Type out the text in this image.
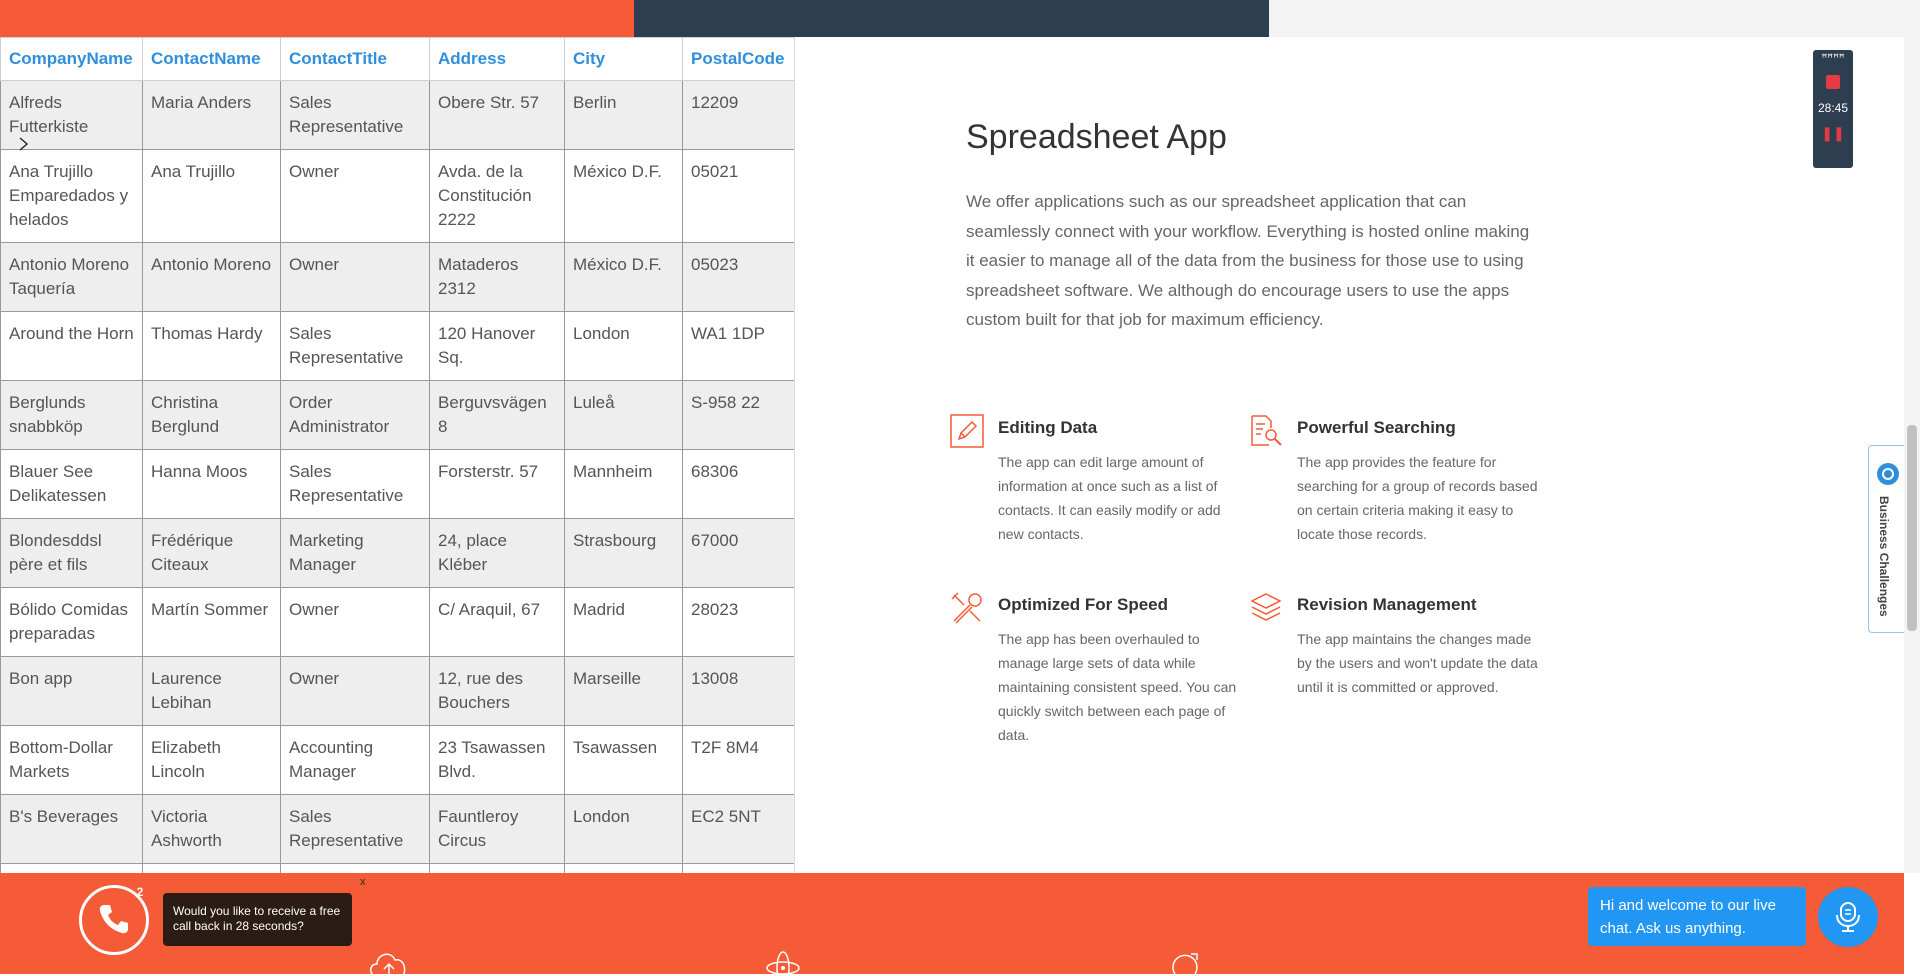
CompanyName	ContactName	ContactTitle	Address	City	PostalCode
Alfreds Futterkiste	Maria Anders	Sales Representative	Obere Str. 57	Berlin	12209
Ana Trujillo Emparedados y helados	Ana Trujillo	Owner	Avda. de la Constitución 2222	México D.F.	05021
Antonio Moreno Taquería	Antonio Moreno	Owner	Mataderos 2312	México D.F.	05023
Around the Horn	Thomas Hardy	Sales Representative	120 Hanover Sq.	London	WA1 1DP
Berglunds snabbköp	Christina Berglund	Order Administrator	Berguvsvägen 8	Luleå	S-958 22
Blauer See Delikatessen	Hanna Moos	Sales Representative	Forsterstr. 57	Mannheim	68306
Blondesddsl père et fils	Frédérique Citeaux	Marketing Manager	24, place Kléber	Strasbourg	67000
Bólido Comidas preparadas	Martín Sommer	Owner	C/ Araquil, 67	Madrid	28023
Bon app	Laurence Lebihan	Owner	12, rue des Bouchers	Marseille	13008
Bottom-Dollar Markets	Elizabeth Lincoln	Accounting Manager	23 Tsawassen Blvd.	Tsawassen	T2F 8M4
B's Beverages	Victoria Ashworth	Sales Representative	Fauntleroy Circus	London	EC2 5NT

Spreadsheet App

We offer applications such as our spreadsheet application that can seamlessly connect with your workflow. Everything is hosted online making it easier to manage all of the data from the business for those use to using spreadsheet software. We although do encourage users to use the apps custom built for that job for maximum efficiency.

Editing Data
The app can edit large amount of information at once such as a list of contacts. It can easily modify or add new contacts.
Powerful Searching
The app provides the feature for searching for a group of records based on certain criteria making it easy to locate those records.
Optimized For Speed
The app has been overhauled to manage large sets of data while maintaining consistent speed. You can quickly switch between each page of data.
Revision Management
The app maintains the changes made by the users and won't update the data until it is committed or approved.
ꟸꟸꟸꟸ
28:45
❚❚
Business Challenges
2
Would you like to receive a free call back in 28 seconds?
x
Hi and welcome to our live chat. Ask us anything.
